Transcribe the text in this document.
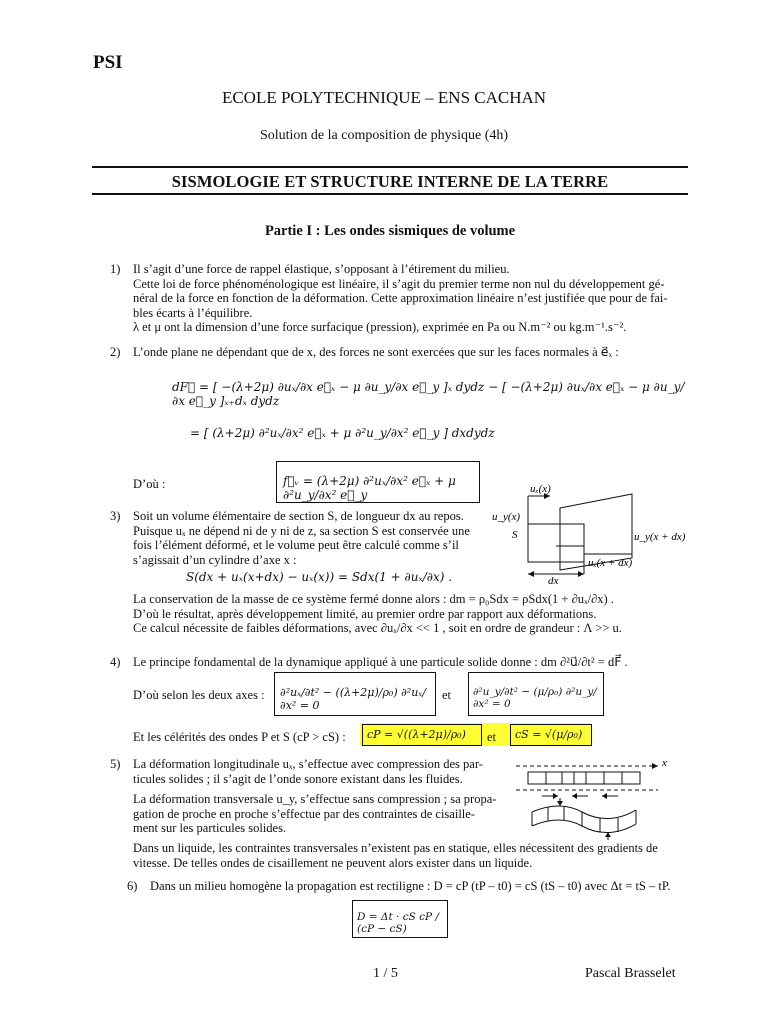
PSI
ECOLE POLYTECHNIQUE – ENS CACHAN
Solution de la composition de physique (4h)
SISMOLOGIE ET STRUCTURE INTERNE DE LA TERRE
Partie I : Les ondes sismiques de volume
1) Il s’agit d’une force de rappel élastique, s’opposant à l’étirement du milieu.
Cette loi de force phénoménologique est linéaire, il s’agit du premier terme non nul du développement gé-
néral de la force en fonction de la déformation. Cette approximation linéaire n’est justifiée que pour de fai-
bles écarts à l’équilibre.
λ et μ ont la dimension d’une force surfacique (pression), exprimée en Pa ou N.m⁻² ou kg.m⁻¹.s⁻².
2) L’onde plane ne dépendant que de x, des forces ne sont exercées que sur les faces normales à e⃗ₓ :
dF⃗ = [ −(λ+2μ) ∂uₓ/∂x e⃗ₓ − μ ∂u_y/∂x e⃗_y ]ₓ dydz − [ −(λ+2μ) ∂uₓ/∂x e⃗ₓ − μ ∂u_y/∂x e⃗_y ]ₓ₊dₓ dydz
= [ (λ+2μ) ∂²uₓ/∂x² e⃗ₓ + μ ∂²u_y/∂x² e⃗_y ] dxdydz
D’où :	f⃗ᵥ = (λ+2μ) ∂²uₓ/∂x² e⃗ₓ + μ ∂²u_y/∂x² e⃗_y
3) Soit un volume élémentaire de section S, de longueur dx au repos.
Puisque uₓ ne dépend ni de y ni de z, sa section S est conservée une
fois l’élément déformé, et le volume peut être calculé comme s’il
s’agissait d’un cylindre d’axe x :
S(dx + uₓ(x+dx) − uₓ(x)) = Sdx(1 + ∂uₓ/∂x) .
La conservation de la masse de ce système fermé donne alors : dm = ρ₀Sdx = ρSdx(1 + ∂uₓ/∂x) .
D’où le résultat, après développement limité, au premier ordre par rapport aux déformations.
Ce calcul nécessite de faibles déformations, avec ∂uₓ/∂x << 1 , soit en ordre de grandeur : Λ >> u.
uₓ(x)
u_y(x)
S	u_y(x + dx)
uₓ(x + dx)
dx
4) Le principe fondamental de la dynamique appliqué à une particule solide donne : dm ∂²u⃗/∂t² = dF⃗ .
D’où selon les deux axes :	∂²uₓ/∂t² − ((λ+2μ)/ρ₀) ∂²uₓ/∂x² = 0
et	∂²u_y/∂t² − (μ/ρ₀) ∂²u_y/∂x² = 0
Et les célérités des ondes P et S (cP > cS) :	cP = √((λ+2μ)/ρ₀)	et	cS = √(μ/ρ₀)
5) La déformation longitudinale uₓ, s’effectue avec compression des par-
ticules solides ; il s’agit de l’onde sonore existant dans les fluides.
La déformation transversale u_y, s’effectue sans compression ; sa propa-
gation de proche en proche s’effectue par des contraintes de cisaille-
ment sur les particules solides.
Dans un liquide, les contraintes transversales n’existent pas en statique, elles nécessitent des gradients de
vitesse. De telles ondes de cisaillement ne peuvent alors exister dans un liquide.
x
6) Dans un milieu homogène la propagation est rectiligne : D = cP (tP – t0) = cS (tS – t0) avec Δt = tS – tP.
D = Δt · cS cP / (cP − cS)
1 / 5	Pascal Brasselet
